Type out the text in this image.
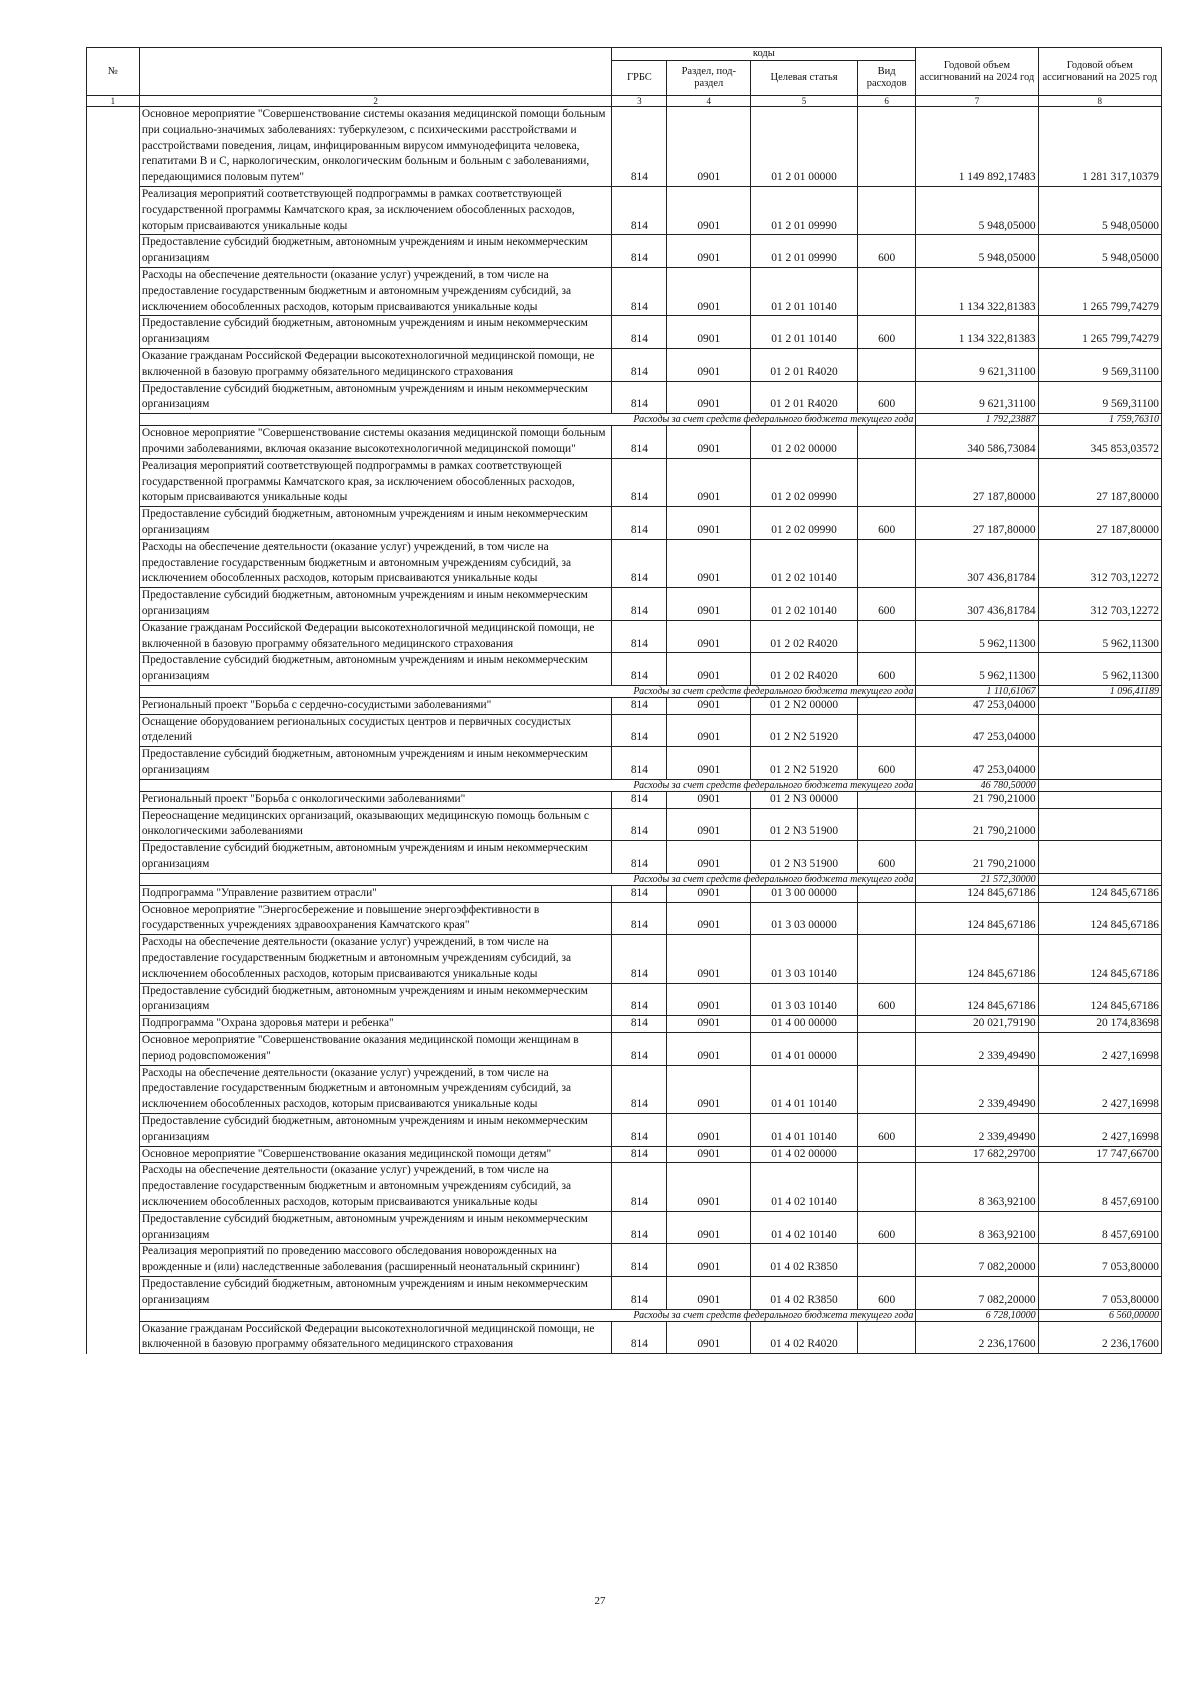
№		коды				Годовой объем ассигнований на 2024 год	Годовой объем ассигнований на 2025 год
		ГРБС	Раздел, под-раздел	Целевая статья	Вид расходов		
1	2	3	4	5	6	7	8
	Основное мероприятие "Совершенствование системы оказания медицинской помощи больным при социально-значимых заболеваниях: туберкулезом, с психическими расстройствами и расстройствами поведения, лицам, инфицированным вирусом иммунодефицита человека, гепатитами В и С, наркологическим, онкологическим больным и больным с заболеваниями, передающимися половым путем"	814	0901	01 2 01 00000		1 149 892,17483	1 281 317,10379
	Реализация мероприятий соответствующей подпрограммы в рамках соответствующей государственной программы Камчатского края, за исключением обособленных расходов, которым присваиваются уникальные коды	814	0901	01 2 01 09990		5 948,05000	5 948,05000
	Предоставление субсидий бюджетным, автономным учреждениям и иным некоммерческим организациям	814	0901	01 2 01 09990	600	5 948,05000	5 948,05000
	Расходы на обеспечение деятельности (оказание услуг) учреждений, в том числе на предоставление государственным бюджетным и автономным учреждениям субсидий, за исключением обособленных расходов, которым присваиваются уникальные коды	814	0901	01 2 01 10140		1 134 322,81383	1 265 799,74279
	Предоставление субсидий бюджетным, автономным учреждениям и иным некоммерческим организациям	814	0901	01 2 01 10140	600	1 134 322,81383	1 265 799,74279
	Оказание гражданам Российской Федерации высокотехнологичной медицинской помощи, не включенной в базовую программу обязательного медицинского страхования	814	0901	01 2 01 R4020		9 621,31100	9 569,31100
	Предоставление субсидий бюджетным, автономным учреждениям и иным некоммерческим организациям	814	0901	01 2 01 R4020	600	9 621,31100	9 569,31100
	Расходы за счет средств федерального бюджета текущего года					1 792,23887	1 759,76310
	Основное мероприятие "Совершенствование системы оказания медицинской помощи больным прочими заболеваниями, включая оказание высокотехнологичной медицинской помощи"	814	0901	01 2 02 00000		340 586,73084	345 853,03572
	Реализация мероприятий соответствующей подпрограммы в рамках соответствующей государственной программы Камчатского края, за исключением обособленных расходов, которым присваиваются уникальные коды	814	0901	01 2 02 09990		27 187,80000	27 187,80000
	Предоставление субсидий бюджетным, автономным учреждениям и иным некоммерческим организациям	814	0901	01 2 02 09990	600	27 187,80000	27 187,80000
	Расходы на обеспечение деятельности (оказание услуг) учреждений, в том числе на предоставление государственным бюджетным и автономным учреждениям субсидий, за исключением обособленных расходов, которым присваиваются уникальные коды	814	0901	01 2 02 10140		307 436,81784	312 703,12272
	Предоставление субсидий бюджетным, автономным учреждениям и иным некоммерческим организациям	814	0901	01 2 02 10140	600	307 436,81784	312 703,12272
	Оказание гражданам Российской Федерации высокотехнологичной медицинской помощи, не включенной в базовую программу обязательного медицинского страхования	814	0901	01 2 02 R4020		5 962,11300	5 962,11300
	Предоставление субсидий бюджетным, автономным учреждениям и иным некоммерческим организациям	814	0901	01 2 02 R4020	600	5 962,11300	5 962,11300
	Расходы за счет средств федерального бюджета текущего года					1 110,61067	1 096,41189
	Региональный проект "Борьба с сердечно-сосудистыми заболеваниями"	814	0901	01 2 N2 00000		47 253,04000	
	Оснащение оборудованием региональных сосудистых центров и первичных сосудистых отделений	814	0901	01 2 N2 51920		47 253,04000	
	Предоставление субсидий бюджетным, автономным учреждениям и иным некоммерческим организациям	814	0901	01 2 N2 51920	600	47 253,04000	
	Расходы за счет средств федерального бюджета текущего года					46 780,50000	
	Региональный проект "Борьба с онкологическими заболеваниями"	814	0901	01 2 N3 00000		21 790,21000	
	Переоснащение медицинских организаций, оказывающих медицинскую помощь больным с онкологическими заболеваниями	814	0901	01 2 N3 51900		21 790,21000	
	Предоставление субсидий бюджетным, автономным учреждениям и иным некоммерческим организациям	814	0901	01 2 N3 51900	600	21 790,21000	
	Расходы за счет средств федерального бюджета текущего года					21 572,30000	
	Подпрограмма "Управление развитием отрасли"	814	0901	01 3 00 00000		124 845,67186	124 845,67186
	Основное мероприятие "Энергосбережение и повышение энергоэффективности в государственных учреждениях здравоохранения Камчатского края"	814	0901	01 3 03 00000		124 845,67186	124 845,67186
	Расходы на обеспечение деятельности (оказание услуг) учреждений, в том числе на предоставление государственным бюджетным и автономным учреждениям субсидий, за исключением обособленных расходов, которым присваиваются уникальные коды	814	0901	01 3 03 10140		124 845,67186	124 845,67186
	Предоставление субсидий бюджетным, автономным учреждениям и иным некоммерческим организациям	814	0901	01 3 03 10140	600	124 845,67186	124 845,67186
	Подпрограмма "Охрана здоровья матери и ребенка"	814	0901	01 4 00 00000		20 021,79190	20 174,83698
	Основное мероприятие "Совершенствование оказания медицинской помощи женщинам в период родовспоможения"	814	0901	01 4 01 00000		2 339,49490	2 427,16998
	Расходы на обеспечение деятельности (оказание услуг) учреждений, в том числе на предоставление государственным бюджетным и автономным учреждениям субсидий, за исключением обособленных расходов, которым присваиваются уникальные коды	814	0901	01 4 01 10140		2 339,49490	2 427,16998
	Предоставление субсидий бюджетным, автономным учреждениям и иным некоммерческим организациям	814	0901	01 4 01 10140	600	2 339,49490	2 427,16998
	Основное мероприятие "Совершенствование оказания медицинской помощи детям"	814	0901	01 4 02 00000		17 682,29700	17 747,66700
	Расходы на обеспечение деятельности (оказание услуг) учреждений, в том числе на предоставление государственным бюджетным и автономным учреждениям субсидий, за исключением обособленных расходов, которым присваиваются уникальные коды	814	0901	01 4 02 10140		8 363,92100	8 457,69100
	Предоставление субсидий бюджетным, автономным учреждениям и иным некоммерческим организациям	814	0901	01 4 02 10140	600	8 363,92100	8 457,69100
	Реализация мероприятий по проведению массового обследования новорожденных на врожденные и (или) наследственные заболевания (расширенный неонатальный скрининг)	814	0901	01 4 02 R3850		7 082,20000	7 053,80000
	Предоставление субсидий бюджетным, автономным учреждениям и иным некоммерческим организациям	814	0901	01 4 02 R3850	600	7 082,20000	7 053,80000
	Расходы за счет средств федерального бюджета текущего года					6 728,10000	6 560,00000
	Оказание гражданам Российской Федерации высокотехнологичной медицинской помощи, не включенной в базовую программу обязательного медицинского страхования	814	0901	01 4 02 R4020		2 236,17600	2 236,17600
27
